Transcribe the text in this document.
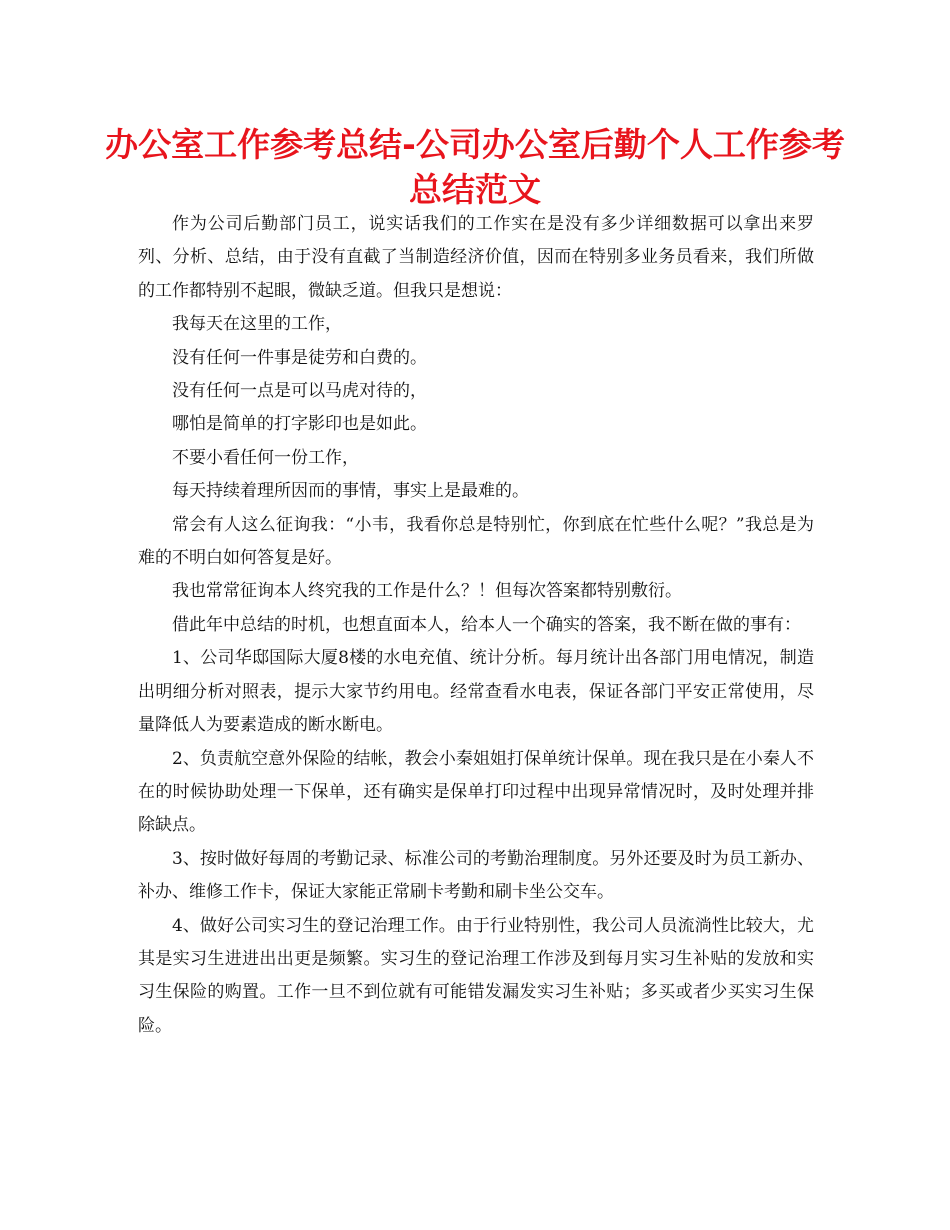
办公室工作参考总结-公司办公室后勤个人工作参考总结范文

作为公司后勤部门员工，说实话我们的工作实在是没有多少详细数据可以拿出来罗列、分析、总结，由于没有直截了当制造经济价值，因而在特别多业务员看来，我们所做的工作都特别不起眼，微缺乏道。但我只是想说：

我每天在这里的工作，

没有任何一件事是徒劳和白费的。

没有任何一点是可以马虎对待的，

哪怕是简单的打字影印也是如此。

不要小看任何一份工作，

每天持续着理所因而的事情，事实上是最难的。

常会有人这么征询我：“小韦，我看你总是特别忙，你到底在忙些什么呢？”我总是为难的不明白如何答复是好。

我也常常征询本人终究我的工作是什么？！但每次答案都特别敷衍。

借此年中总结的时机，也想直面本人，给本人一个确实的答案，我不断在做的事有：

1、公司华邸国际大厦8楼的水电充值、统计分析。每月统计出各部门用电情况，制造出明细分析对照表，提示大家节约用电。经常查看水电表，保证各部门平安正常使用，尽量降低人为要素造成的断水断电。

2、负责航空意外保险的结帐，教会小秦姐姐打保单统计保单。现在我只是在小秦人不在的时候协助处理一下保单，还有确实是保单打印过程中出现异常情况时，及时处理并排除缺点。

3、按时做好每周的考勤记录、标准公司的考勤治理制度。另外还要及时为员工新办、补办、维修工作卡，保证大家能正常刷卡考勤和刷卡坐公交车。

4、做好公司实习生的登记治理工作。由于行业特别性，我公司人员流淌性比较大，尤其是实习生进进出出更是频繁。实习生的登记治理工作涉及到每月实习生补贴的发放和实习生保险的购置。工作一旦不到位就有可能错发漏发实习生补贴；多买或者少买实习生保险。
